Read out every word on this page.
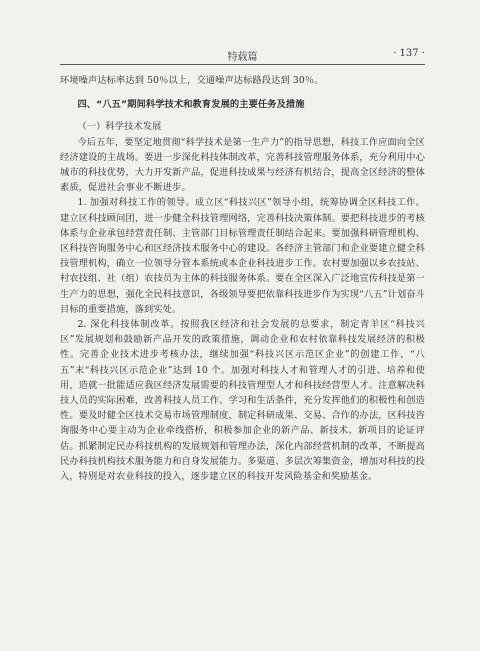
特载篇	· 137 ·

环境噪声达标率达到 50％以上，交通噪声达标路段达到 30％。

四、“八五”期间科学技术和教育发展的主要任务及措施

（一）科学技术发展

今后五年，要坚定地贯彻“科学技术是第一生产力”的指导思想，科技工作应面向全区经济建设的主战场。要进一步深化科技体制改革，完善科技管理服务体系，充分利用中心城市的科技优势，大力开发新产品，促进科技成果与经济有机结合，提高全区经济的整体素质，促进社会事业不断进步。

1. 加强对科技工作的领导。成立区“科技兴区”领导小组，统筹协调全区科技工作。建立区科技顾问团，进一步健全科技管理网络，完善科技决策体制。要把科技进步的考核体系与企业承包经营责任制、主管部门目标管理责任制结合起来。要加强科研管理机构、区科技咨询服务中心和区经济技术服务中心的建设。各经济主管部门和企业要建立健全科技管理机构，确立一位领导分管本系统或本企业科技进步工作。农村要加强以乡农技站、村农技组、社（组）农技员为主体的科技服务体系。要在全区深入广泛地宣传科技是第一生产力的思想，强化全民科技意识，各级领导要把依靠科技进步作为实现“八五”计划奋斗目标的重要措施，落到实处。

2. 深化科技体制改革。按照我区经济和社会发展的总要求，制定青羊区“科技兴区”发展规划和鼓励新产品开发的政策措施，调动企业和农村依靠科技发展经济的积极性。完善企业技术进步考核办法，继续加强“科技兴区示范区企业”的创建工作，“八五”末“科技兴区示范企业”达到 10 个。加强对科技人才和管理人才的引进、培养和使用，造就一批能适应我区经济发展需要的科技管理型人才和科技经营型人才。注意解决科技人员的实际困难，改善科技人员工作、学习和生活条件，充分发挥他们的积极性和创造性。要及时健全区技术交易市场管理制度，制定科研成果、交易、合作的办法，区科技咨询服务中心要主动为企业牵线搭桥，积极参加企业的新产品、新技术、新项目的论证评估。抓紧制定民办科技机构的发展规划和管理办法，深化内部经营机制的改革，不断提高民办科技机构技术服务能力和自身发展能力。多渠道、多层次筹集资金，增加对科技的投入，特别是对农业科技的投入，逐步建立区的科技开发风险基金和奖励基金。
